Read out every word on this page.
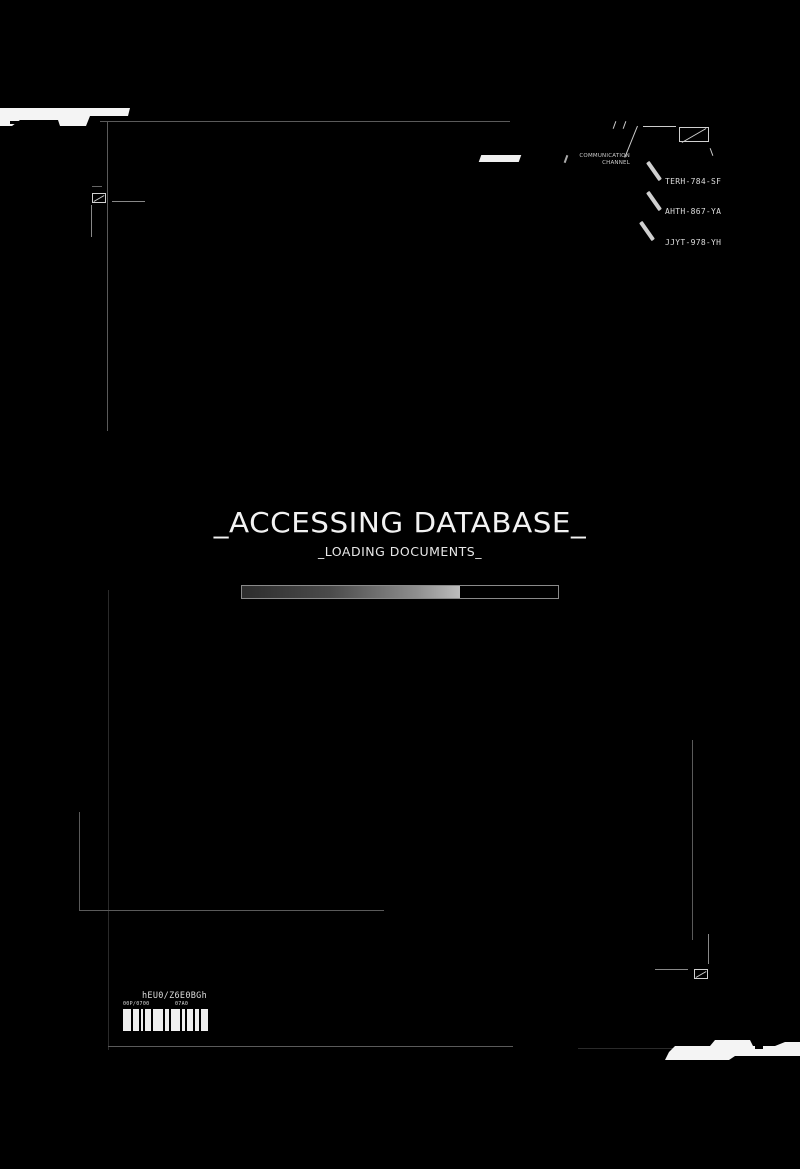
COMMUNICATION
CHANNEL
TERH-784-SF
AHTH-867-YA
JJYT-978-YH
_ACCESSING DATABASE_
_LOADING DOCUMENTS_
hEU0/Z6E0BGh
00P/0700	07A0
